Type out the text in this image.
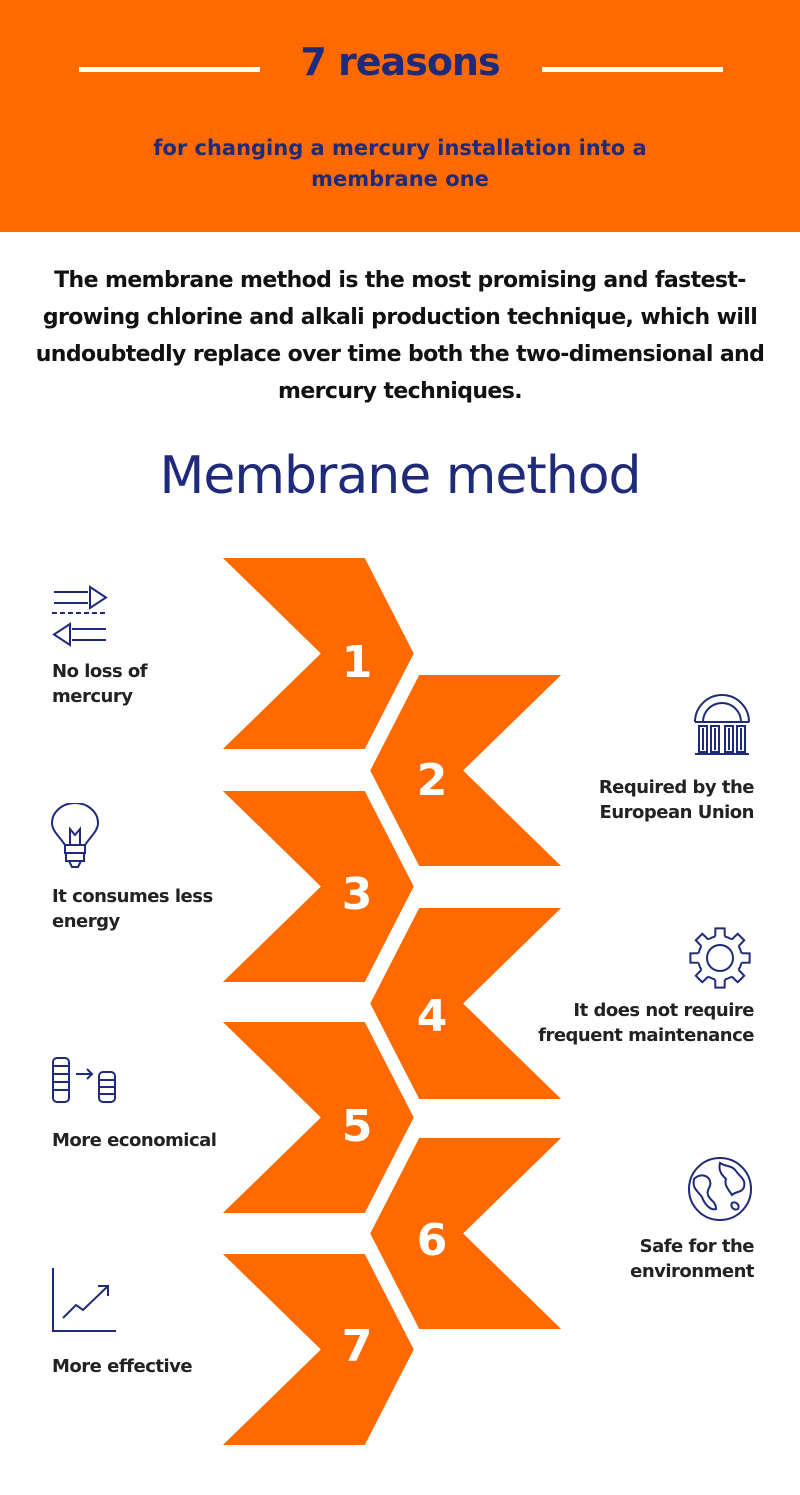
7 reasons
for changing a mercury installation into a membrane one
The membrane method is the most promising and fastest-growing chlorine and alkali production technique, which will undoubtedly replace over time both the two-dimensional and mercury techniques.
Membrane method
1
2
3
4
5
6
7
No loss of
mercury
Required by the
European Union
It consumes less
energy
It does not require
frequent maintenance
More economical
Safe for the
environment
More effective
